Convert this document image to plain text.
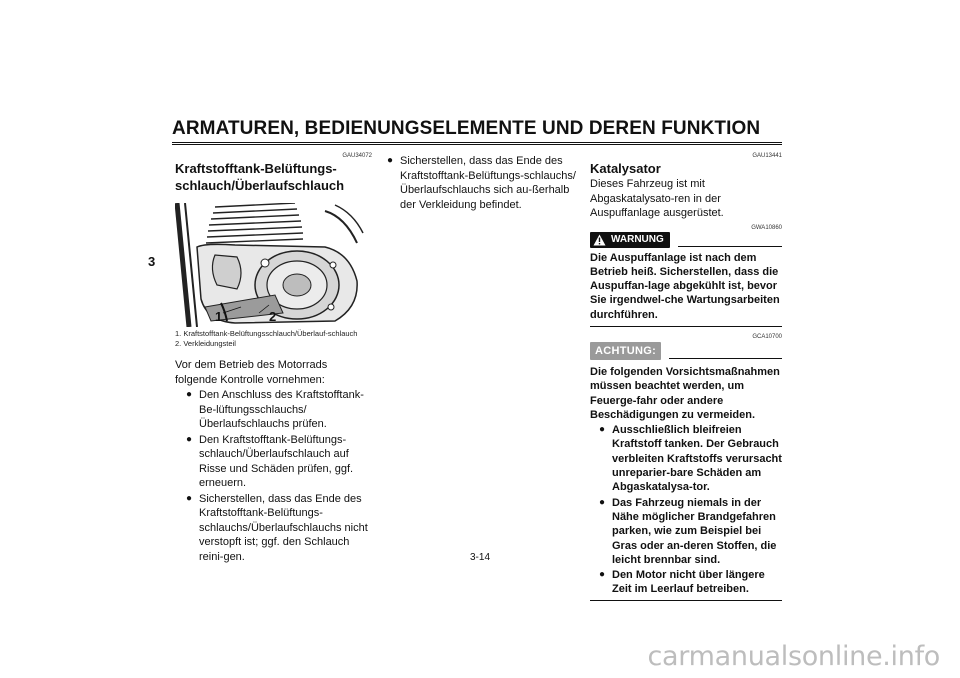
ARMATUREN, BEDIENUNGSELEMENTE UND DEREN FUNKTION
3
GAU34072
Kraftstofftank-Belüftungs-schlauch/Überlaufschlauch
1	2
1. Kraftstofftank-Belüftungsschlauch/Überlauf-schlauch
2. Verkleidungsteil
Vor dem Betrieb des Motorrads folgende Kontrolle vornehmen:
● Den Anschluss des Kraftstofftank-Be-lüftungsschlauchs/Überlaufschlauchs prüfen.
● Den Kraftstofftank-Belüftungs-schlauch/Überlaufschlauch auf Risse und Schäden prüfen, ggf. erneuern.
● Sicherstellen, dass das Ende des Kraftstofftank-Belüftungs-schlauchs/Überlaufschlauchs nicht verstopft ist; ggf. den Schlauch reini-gen.
● Sicherstellen, dass das Ende des Kraftstofftank-Belüftungs-schlauchs/Überlaufschlauchs sich au-ßerhalb der Verkleidung befindet.
GAU13441
Katalysator
Dieses Fahrzeug ist mit Abgaskatalysato-ren in der Auspuffanlage ausgerüstet.
GWA10860
WARNUNG
Die Auspuffanlage ist nach dem Betrieb heiß. Sicherstellen, dass die Auspuffan-lage abgekühlt ist, bevor Sie irgendwel-che Wartungsarbeiten durchführen.
GCA10700
ACHTUNG:
Die folgenden Vorsichtsmaßnahmen müssen beachtet werden, um Feuerge-fahr oder andere Beschädigungen zu vermeiden.
● Ausschließlich bleifreien Kraftstoff tanken. Der Gebrauch verbleiten Kraftstoffs verursacht unreparier-bare Schäden am Abgaskatalysa-tor.
● Das Fahrzeug niemals in der Nähe möglicher Brandgefahren parken, wie zum Beispiel bei Gras oder an-deren Stoffen, die leicht brennbar sind.
● Den Motor nicht über längere Zeit im Leerlauf betreiben.
3-14
carmanualsonline.info
